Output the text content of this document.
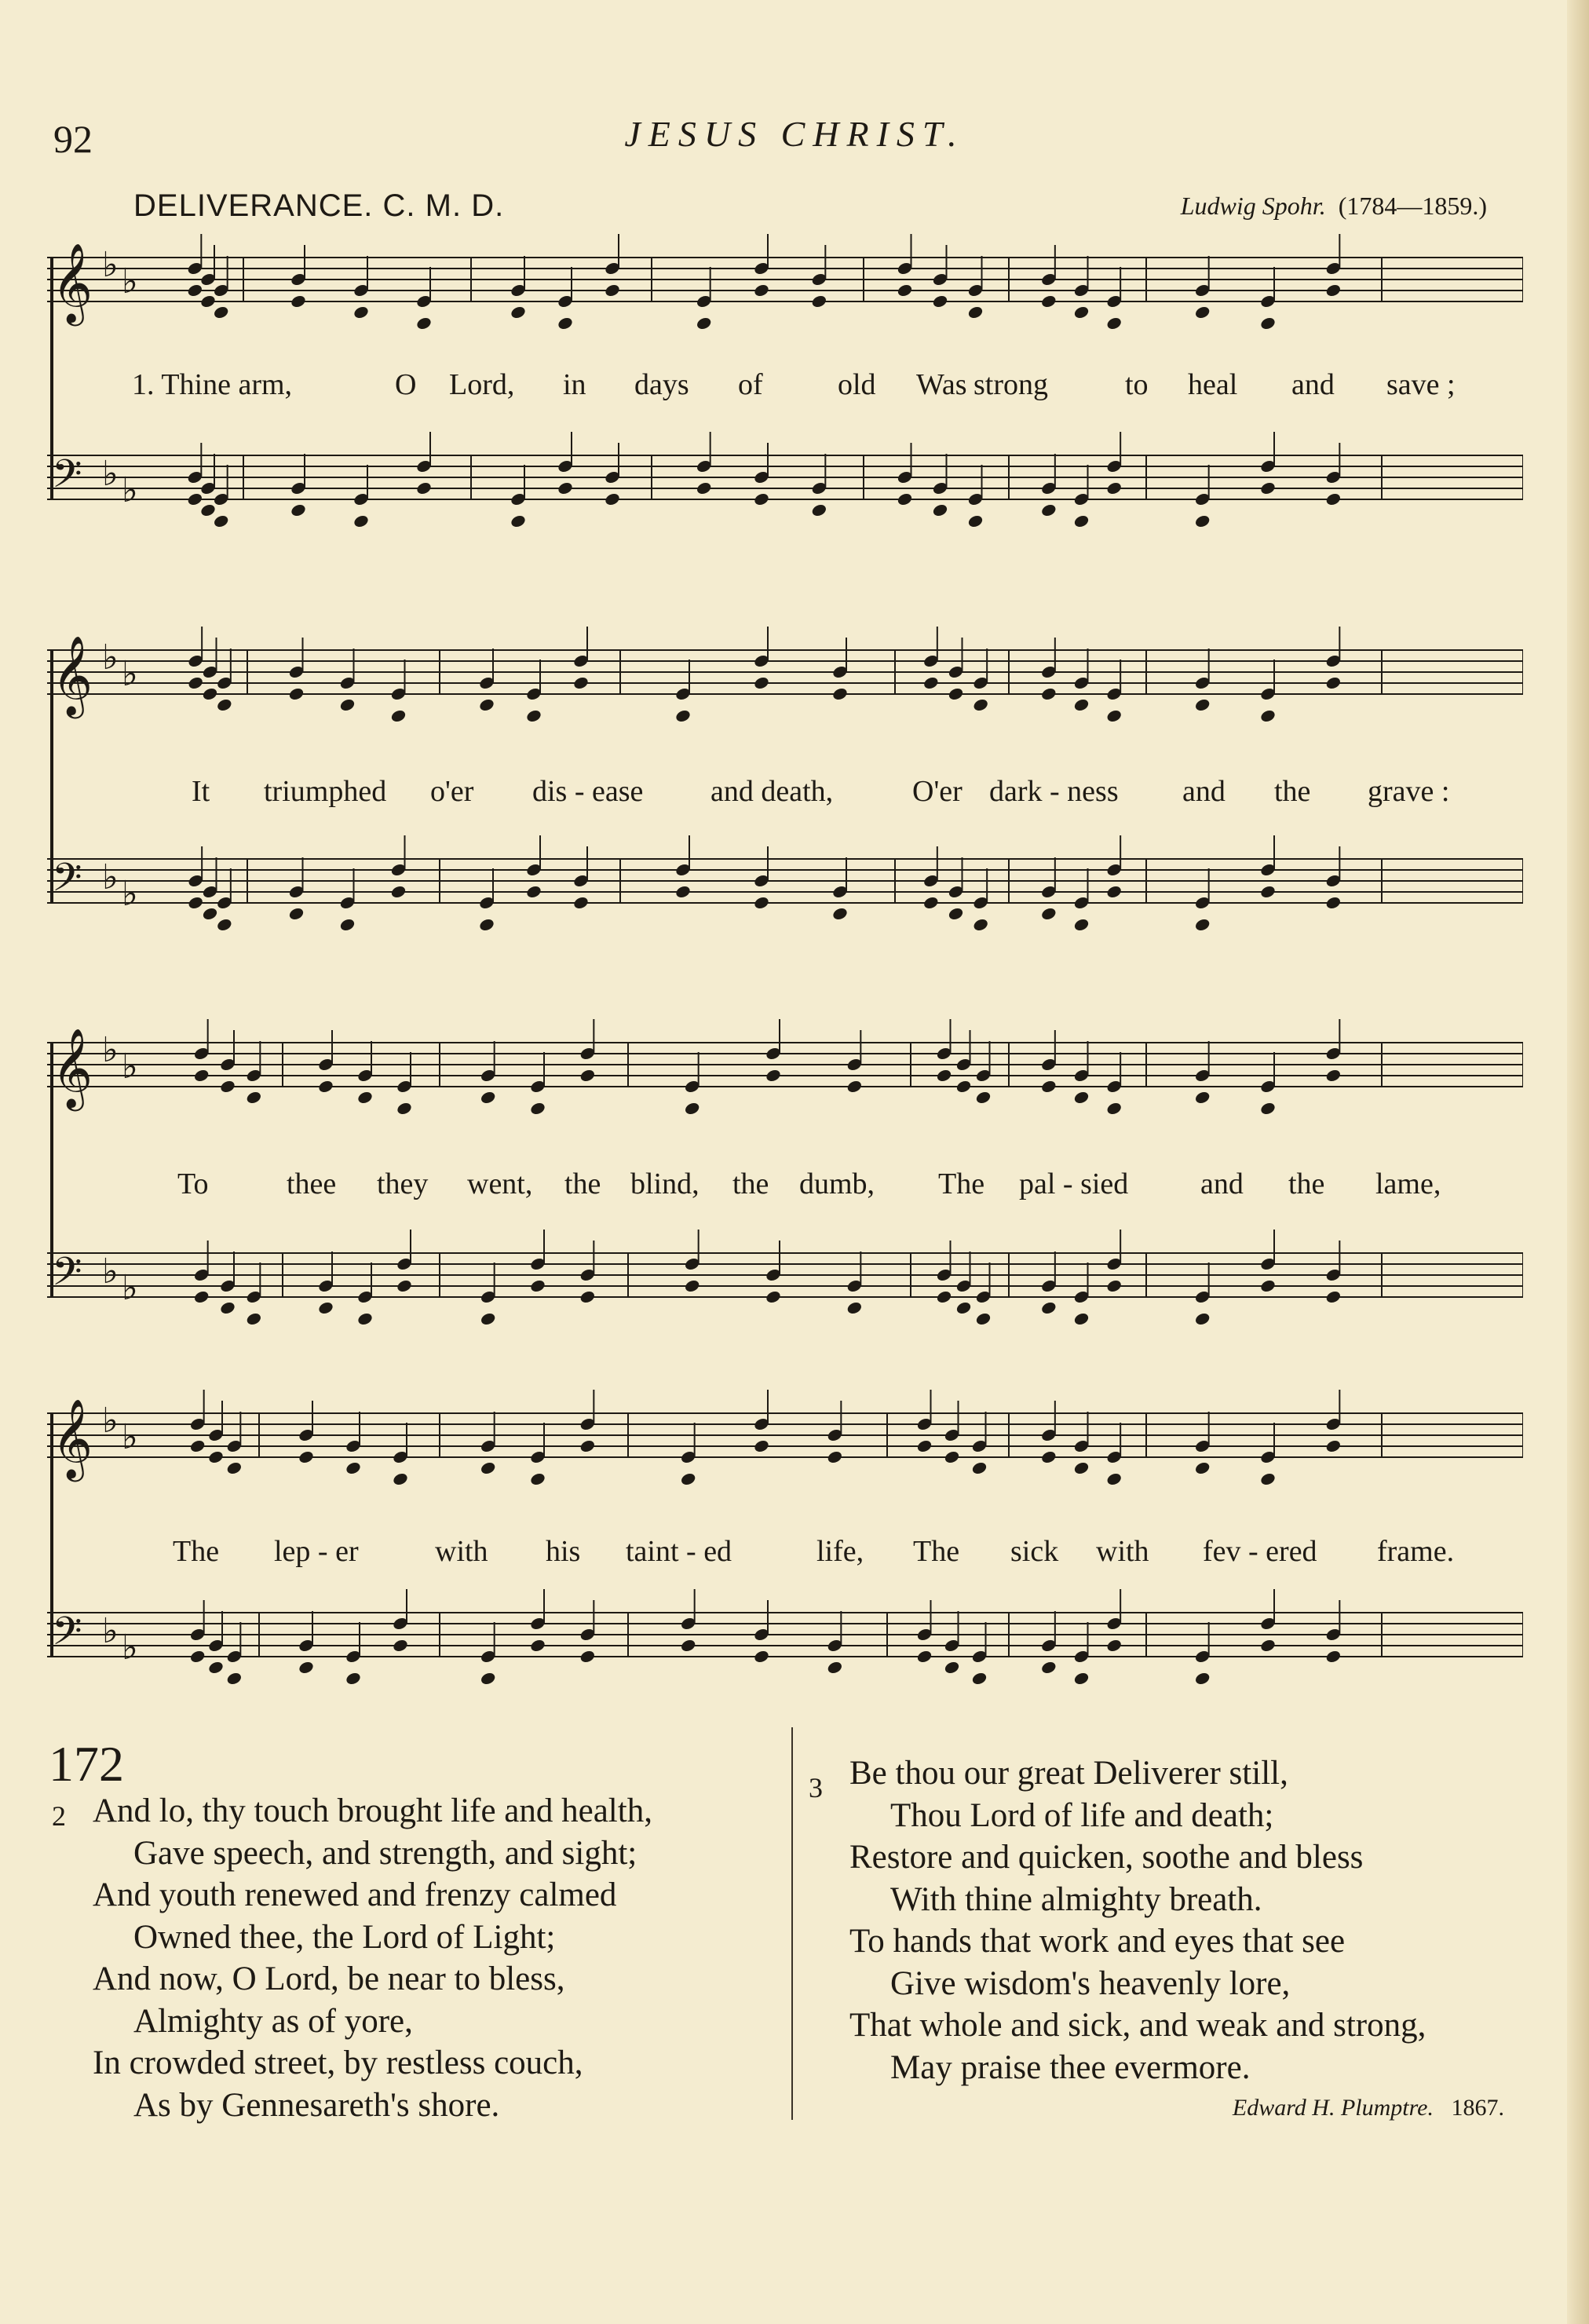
92	JESUS CHRIST.
DELIVERANCE. C. M. D.	Ludwig Spohr. (1784—1859.)
𝄞 ♭ ♭
𝄢 ♭ ♭
1. Thine arm,	O Lord, in days of	old Was strong	to heal and save ;
𝄞 ♭ ♭
𝄢 ♭ ♭
It triumphed o'er dis - ease and death,	O'er dark - ness and the grave :
𝄞 ♭ ♭
𝄢 ♭ ♭
To	thee they went, the blind, the dumb, The pal - sied and the lame,
𝄞 ♭ ♭
𝄢 ♭ ♭
The lep - er	with his taint - ed	life, The sick with fev - ered frame.
172
2 And lo, thy touch brought life and health,
Gave speech, and strength, and sight;
And youth renewed and frenzy calmed
Owned thee, the Lord of Light;
And now, O Lord, be near to bless,
Almighty as of yore,
In crowded street, by restless couch,
As by Gennesareth's shore.
3 Be thou our great Deliverer still,
Thou Lord of life and death;
Restore and quicken, soothe and bless
With thine almighty breath.
To hands that work and eyes that see
Give wisdom's heavenly lore,
That whole and sick, and weak and strong,
May praise thee evermore.
Edward H. Plumptre. 1867.
